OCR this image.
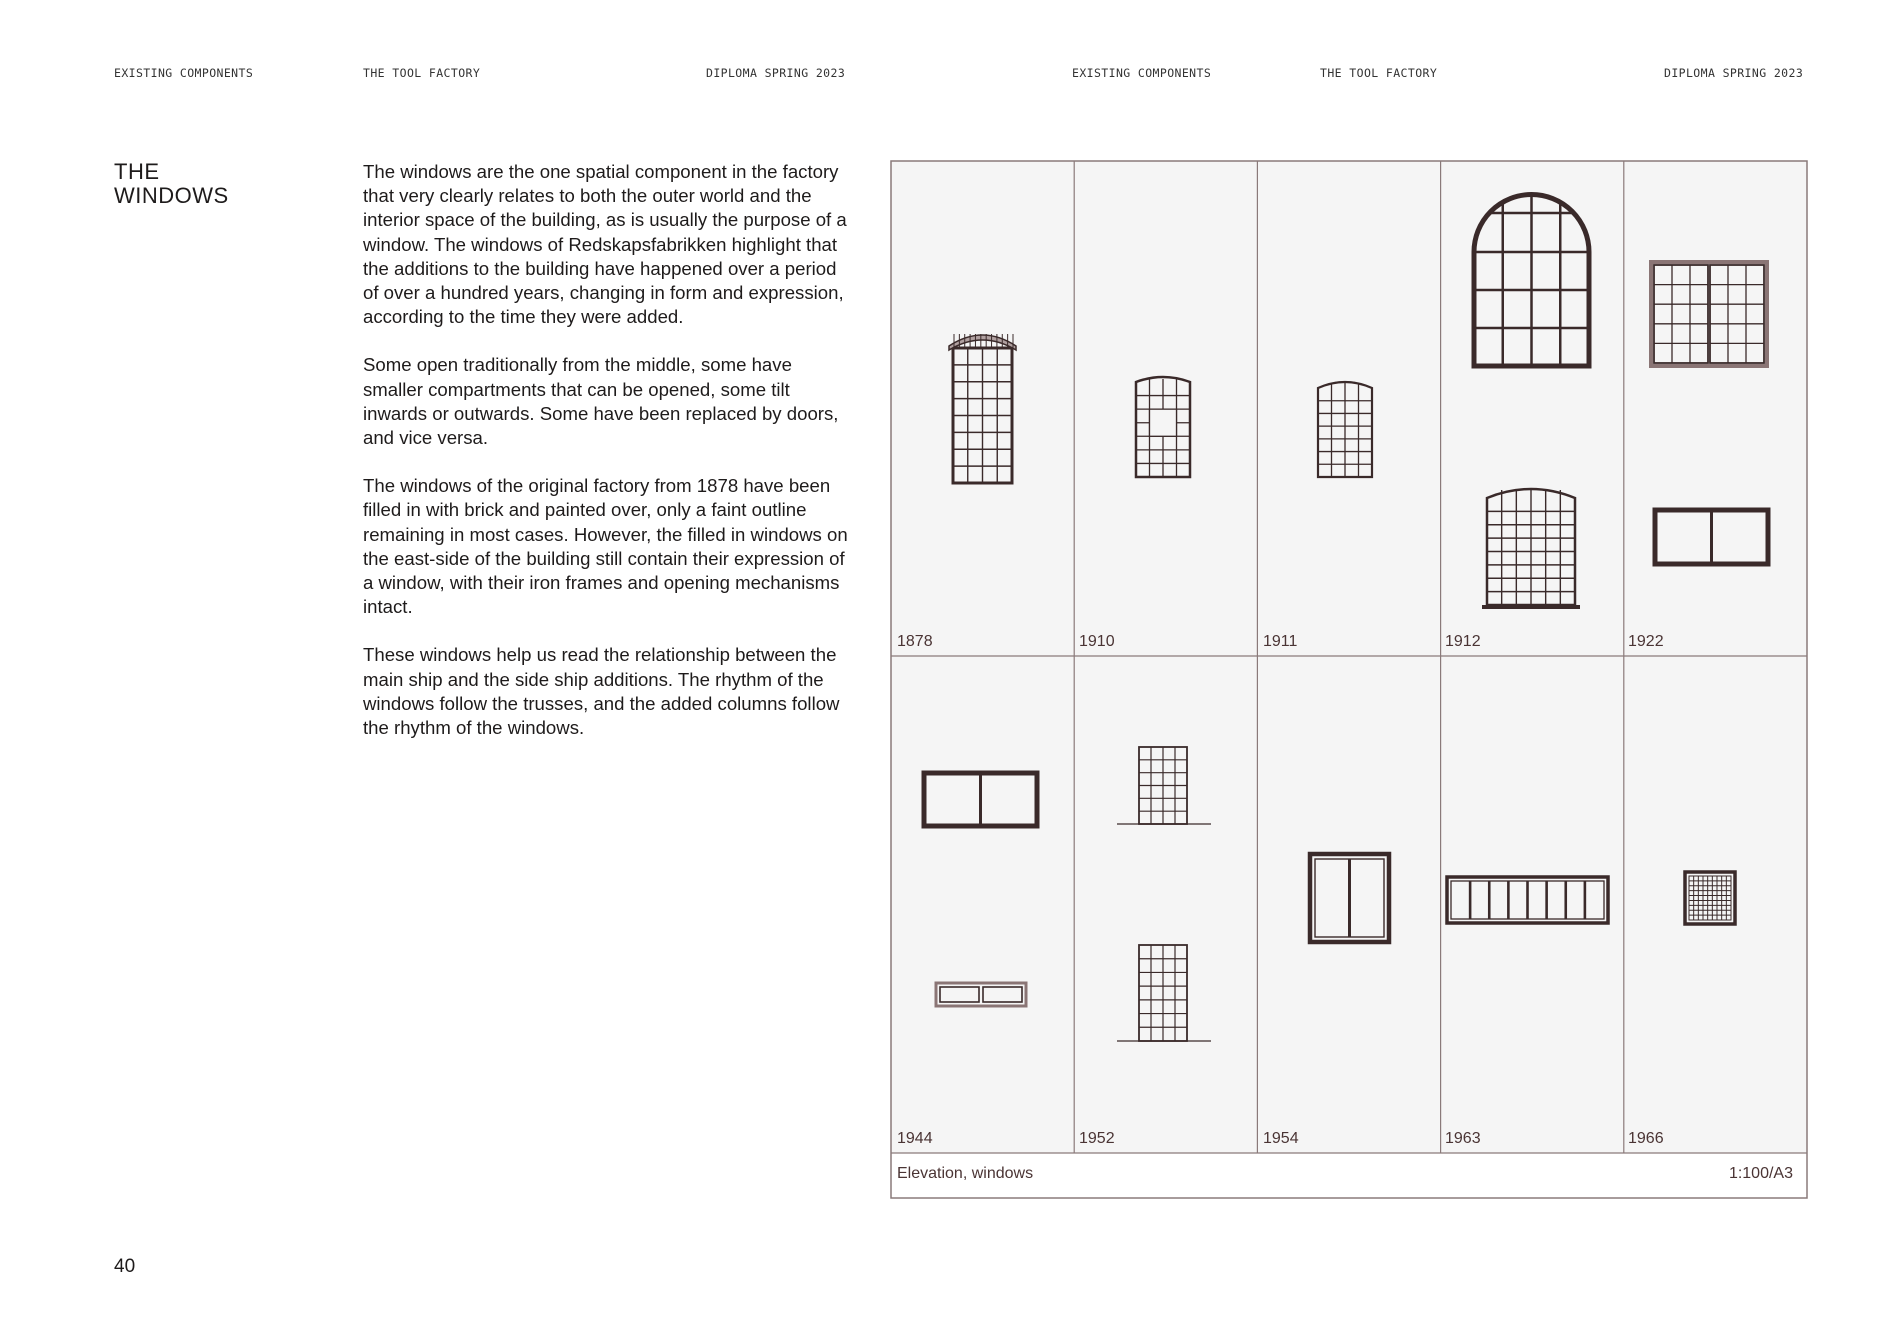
EXISTING COMPONENTS	THE TOOL FACTORY	DIPLOMA SPRING 2023	EXISTING COMPONENTS	THE TOOL FACTORY	DIPLOMA SPRING 2023
THE
WINDOWS

The windows are the one spatial component in the factory that very clearly relates to both the outer world and the interior space of the building, as is usually the purpose of a window. The windows of Redskapsfabrikken highlight that the additions to the building have happened over a period of over a hundred years, changing in form and expression, according to the time they were added.

Some open traditionally from the middle, some have smaller compartments that can be opened, some tilt inwards or outwards. Some have been replaced by doors, and vice versa.

The windows of the original factory from 1878 have been filled in with brick and painted over, only a faint outline remaining in most cases. However, the filled in windows on the east-side of the building still contain their expression of a window, with their iron frames and opening mechanisms intact.

These windows help us read the relationship between the main ship and the side ship additions. The rhythm of the windows follow the trusses, and the added columns follow the rhythm of the windows.

1878	1910	1911	1912	1922
1944	1952	1954	1963	1966
Elevation, windows	1:100/A3
40
